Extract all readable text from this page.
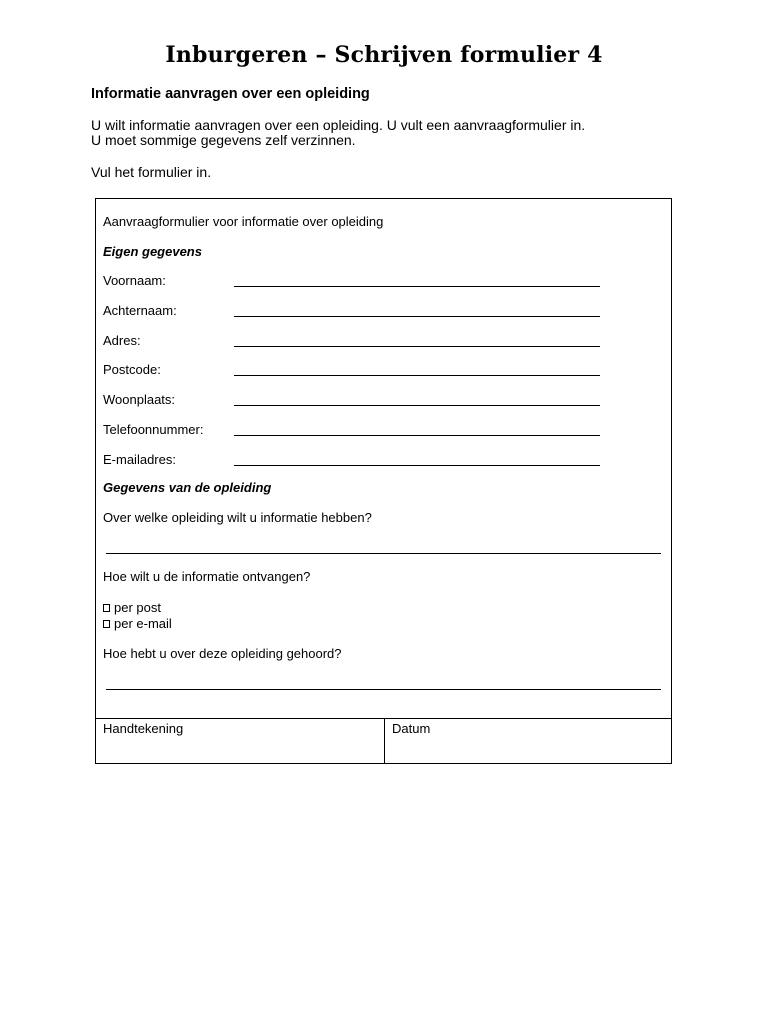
Inburgeren – Schrijven formulier 4
Informatie aanvragen over een opleiding
U wilt informatie aanvragen over een opleiding. U vult een aanvraagformulier in.
U moet sommige gegevens zelf verzinnen.
Vul het formulier in.
Aanvraagformulier voor informatie over opleiding
Eigen gegevens
Voornaam:
Achternaam:
Adres:
Postcode:
Woonplaats:
Telefoonnummer:
E-mailadres:
Gegevens van de opleiding
Over welke opleiding wilt u informatie hebben?
Hoe wilt u de informatie ontvangen?
per post
per e-mail
Hoe hebt u over deze opleiding gehoord?
Handtekening	Datum
